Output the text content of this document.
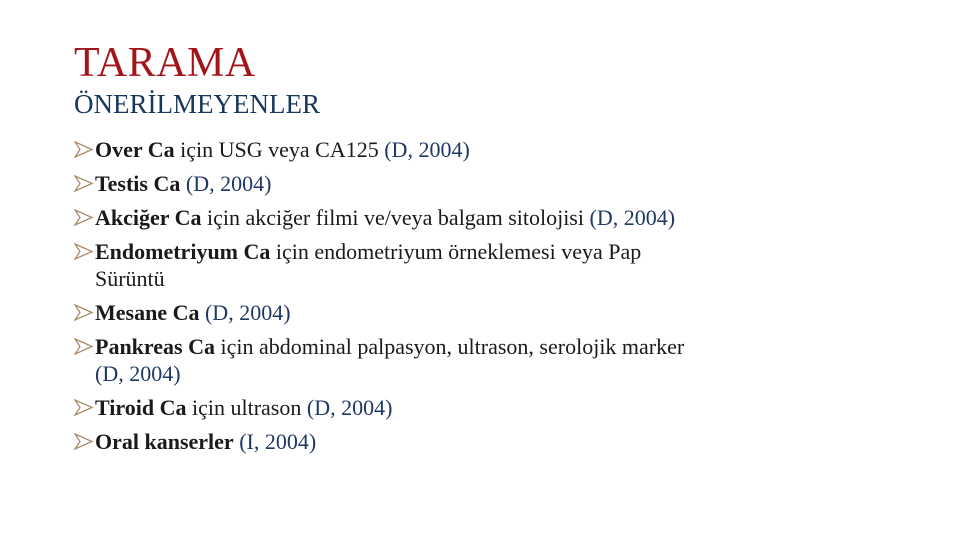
TARAMA
ÖNERİLMEYENLER
Over Ca için USG veya CA125 (D, 2004)
Testis Ca (D, 2004)
Akciğer Ca için akciğer filmi ve/veya balgam sitolojisi (D, 2004)
Endometriyum Ca için endometriyum örneklemesi veya Pap
Sürüntü
Mesane Ca (D, 2004)
Pankreas Ca için abdominal palpasyon, ultrason, serolojik marker
(D, 2004)
Tiroid Ca için ultrason (D, 2004)
Oral kanserler (I, 2004)
